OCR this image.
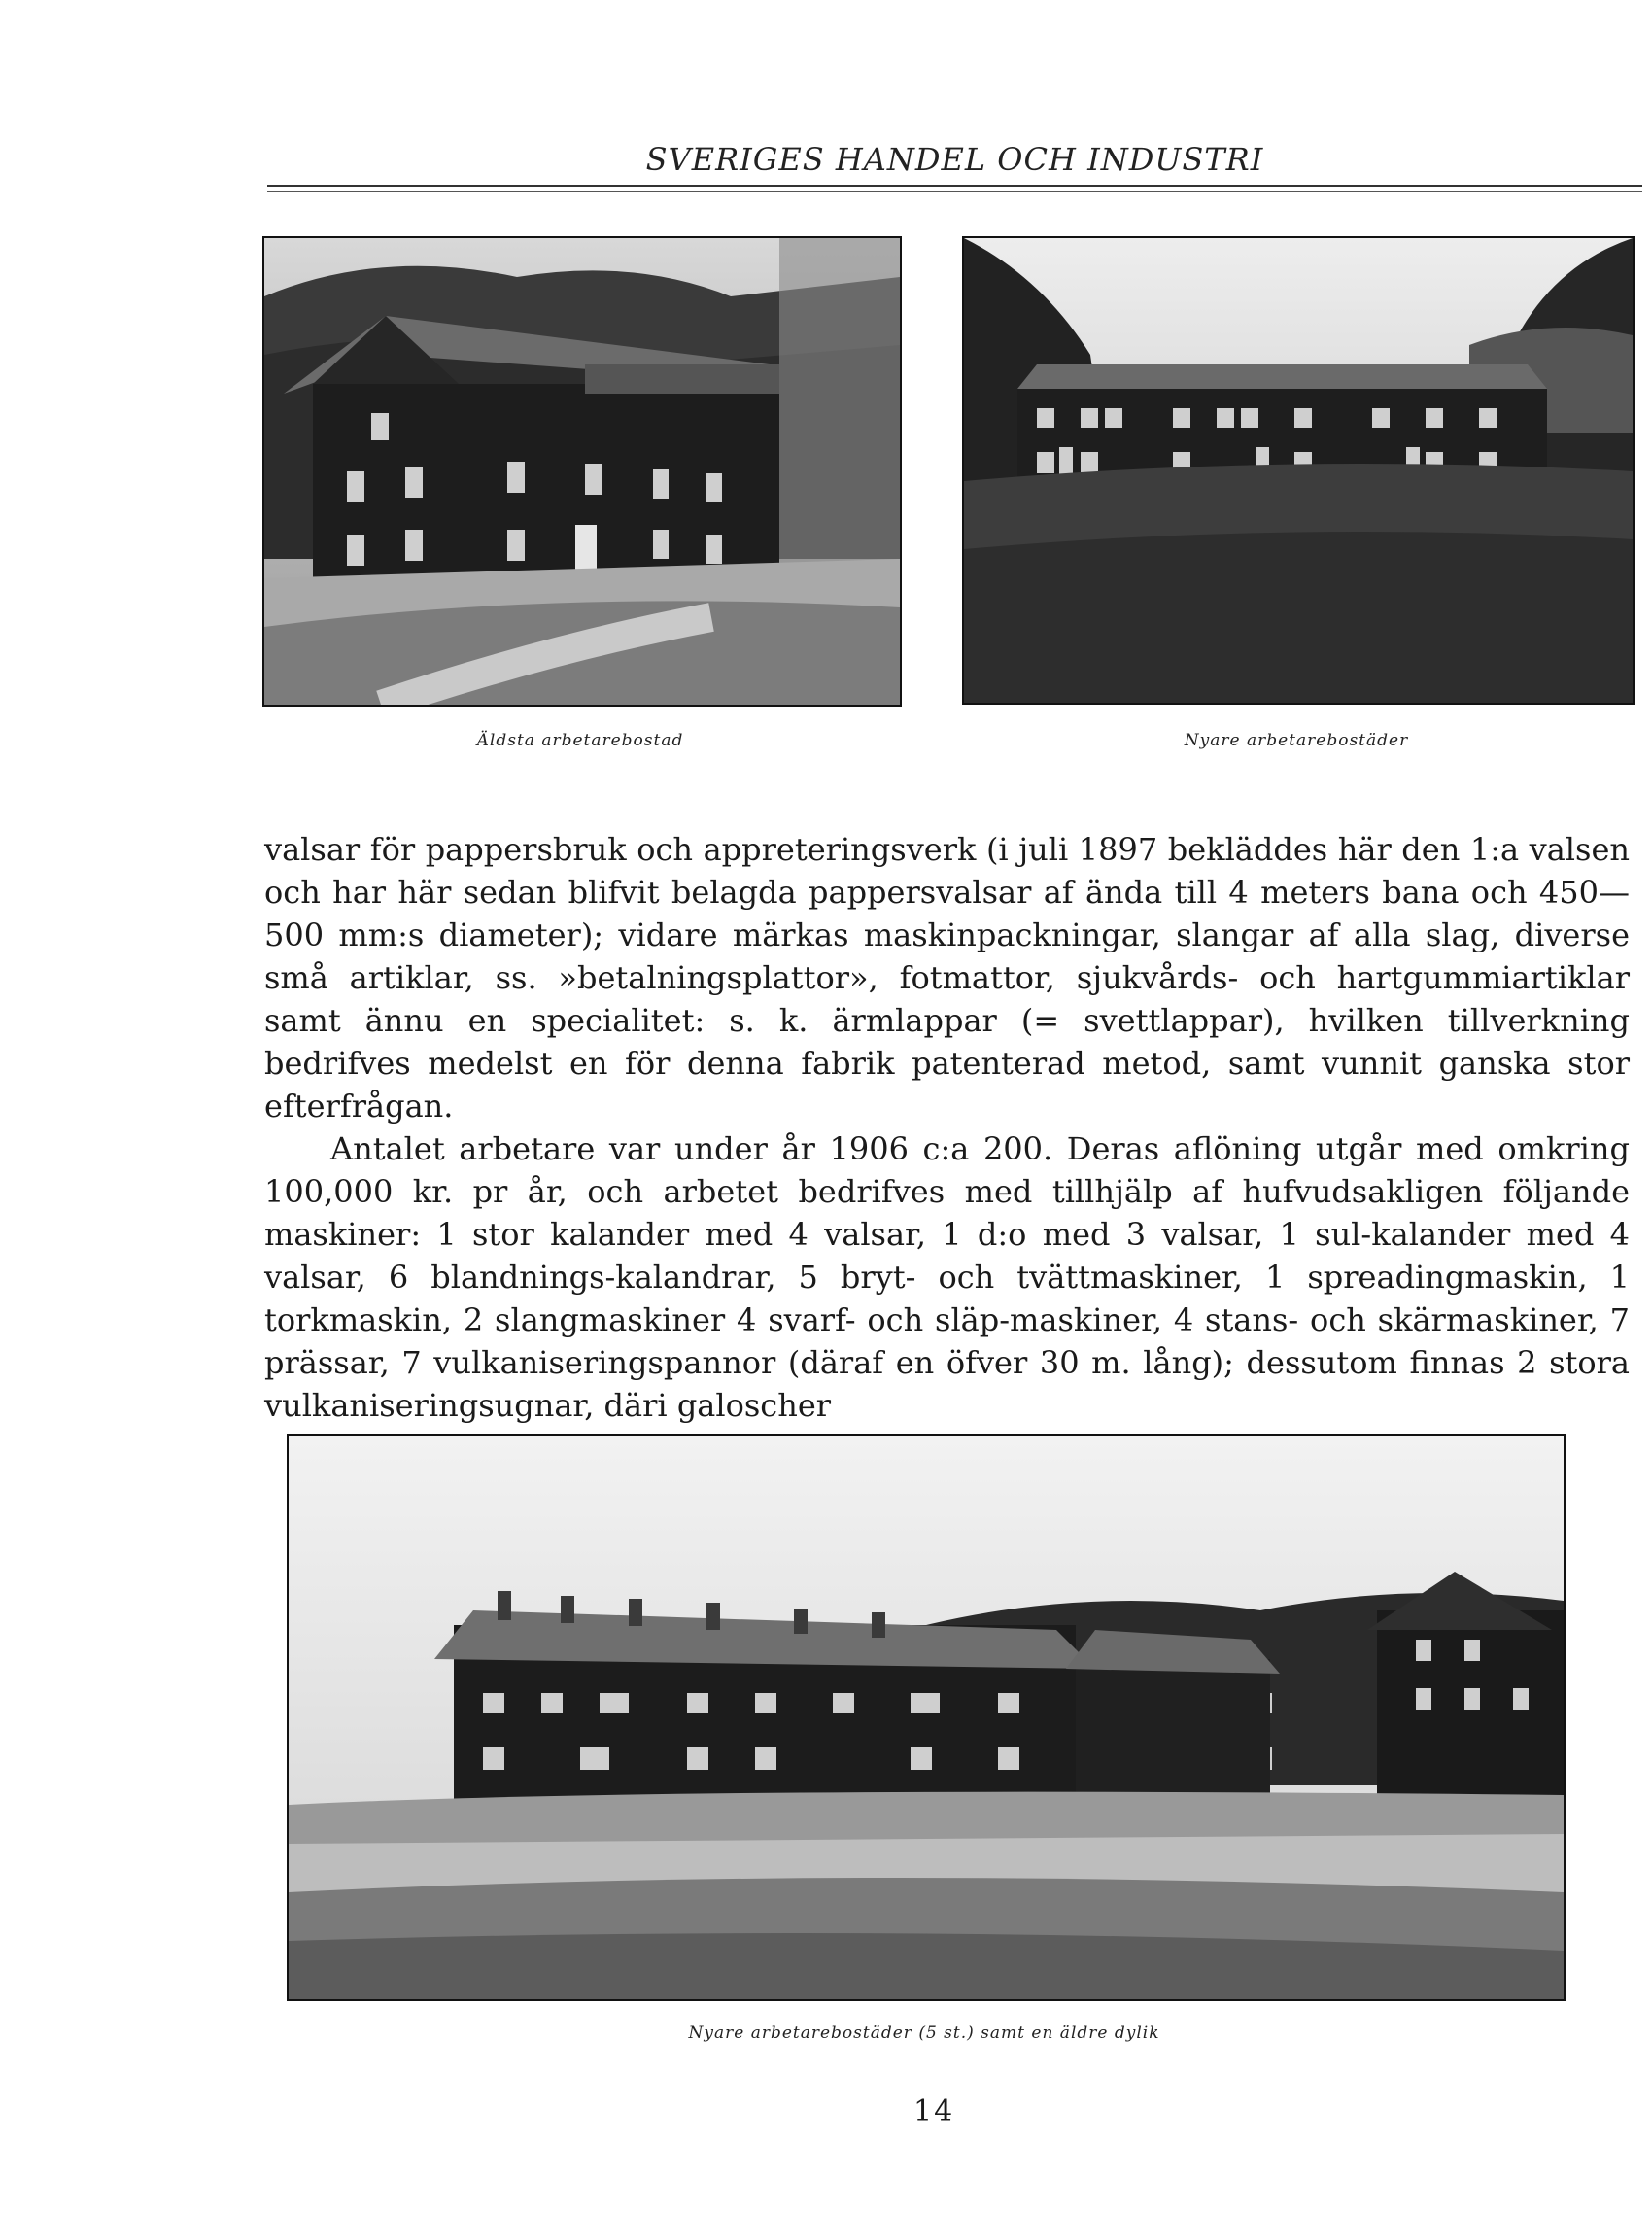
SVERIGES HANDEL OCH INDUSTRI
Äldsta arbetarebostad	Nyare arbetarebostäder

valsar för pappersbruk och appreteringsverk (i juli 1897 bekläddes här den 1:a valsen och har här sedan blifvit belagda pappersvalsar af ända till 4 meters bana och 450—500 mm:s diameter); vidare märkas maskinpackningar, slangar af alla slag, diverse små artiklar, ss. »betalningsplattor», fotmattor, sjukvårds- och hartgummiartiklar samt ännu en specialitet: s. k. ärmlappar (= svettlappar), hvilken tillverkning bedrifves medelst en för denna fabrik patenterad metod, samt vunnit ganska stor efterfrågan.

Antalet arbetare var under år 1906 c:a 200. Deras aflöning utgår med omkring 100,000 kr. pr år, och arbetet bedrifves med tillhjälp af hufvudsakligen följande maskiner: 1 stor kalander med 4 valsar, 1 d:o med 3 valsar, 1 sul-kalander med 4 valsar, 6 blandnings-kalandrar, 5 bryt- och tvättmaskiner, 1 spreadingmaskin, 1 torkmaskin, 2 slangmaskiner 4 svarf- och släp-maskiner, 4 stans- och skärmaskiner, 7 prässar, 7 vulkaniseringspannor (däraf en öfver 30 m. lång); dessutom finnas 2 stora vulkaniseringsugnar, däri galoscher

Nyare arbetarebostäder (5 st.) samt en äldre dylik
14
